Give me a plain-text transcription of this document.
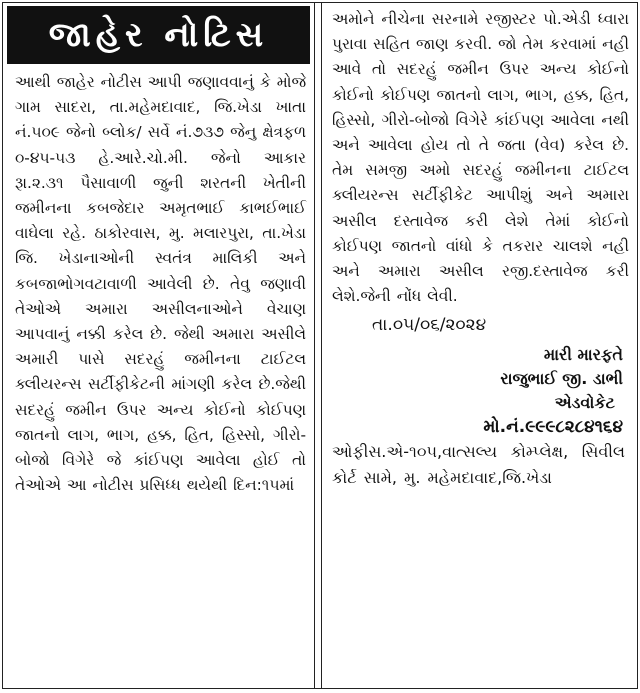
જાહેર નોટિસ

આથી જાહેર નોટીસ આપી જણાવવાનું કે મોજે ગામ સાદરા, તા.મહેમદાવાદ, જિ.ખેડા ખાતા નં.૫૦૯ જેનો બ્લોક/ સર્વે નં.૭૩૭ જેનુ ક્ષેત્રફળ ૦-૪૫-૫૩ હે.આરે.ચો.મી. જેનો આકાર રૂા.૨.૩૧ પૈસાવાળી જુની શરતની ખેતીની જમીનના કબજેદાર અમૃતભાઈ કાભઈભાઈ વાઘેલા રહે. ઠાકોરવાસ, મુ. મલારપુરા, તા.ખેડા જિ. ખેડાનાઓની સ્વતંત્ર માલિકી અને કબજાભોગવટાવાળી આવેલી છે. તેવુ જણાવી તેઓએ અમારા અસીલનાઓને વેચાણ આપવાનું નક્કી કરેલ છે. જેથી અમારા અસીલે અમારી પાસે સદરહું જમીનના ટાઈટલ ક્લીયરન્સ સર્ટીફીકેટની માંગણી કરેલ છે.જેથી સદરહું જમીન ઉપર અન્ય કોઈનો કોઈપણ જાતનો લાગ, ભાગ, હક્ક, હિત, હિસ્સો, ગીરો- બોજો વિગેરે જે કાંઈપણ આવેલા હોઈ તો તેઓએ આ નોટીસ પ્રસિધ્ધ થયેથી દિન:૧૫માં

અમોને નીચેના સરનામે રજીસ્ટર પો.એડી ધ્વારા પુરાવા સહિત જાણ કરવી. જો તેમ કરવામાં નહી આવે તો સદરહું જમીન ઉપર અન્ય કોઈનો કોઈનો કોઈપણ જાતનો લાગ, ભાગ, હક્ક, હિત, હિસ્સો, ગીરો-બોજો વિગેરે કાંઈપણ આવેલા નથી અને આવેલા હોય તો તે જતા (વેવ) કરેલ છે. તેમ સમજી અમો સદરહું જમીનના ટાઈટલ ક્લીયરન્સ સર્ટીફીકેટ આપીશું અને અમારા અસીલ દસ્તાવેજ કરી લેશે તેમાં કોઈનો કોઈપણ જાતનો વાંધો કે તકરાર ચાલશે નહી અને અમારા અસીલ રજી.દસ્તાવેજ કરી લેશે.જેની નોંધ લેવી.

તા.૦૫/૦૬/૨૦૨૪
મારી મારફતે
રાજુભાઈ જી. ડાભી
એડવોકેટ
મો.નં.૯૯૯૮૨૮૪૧૬૪
ઓફીસ.એ-૧૦૫,વાત્સલ્ય કોમ્પ્લેક્ષ, સિવીલ કોર્ટ સામે, મુ. મહેમદાવાદ,જિ.ખેડા
